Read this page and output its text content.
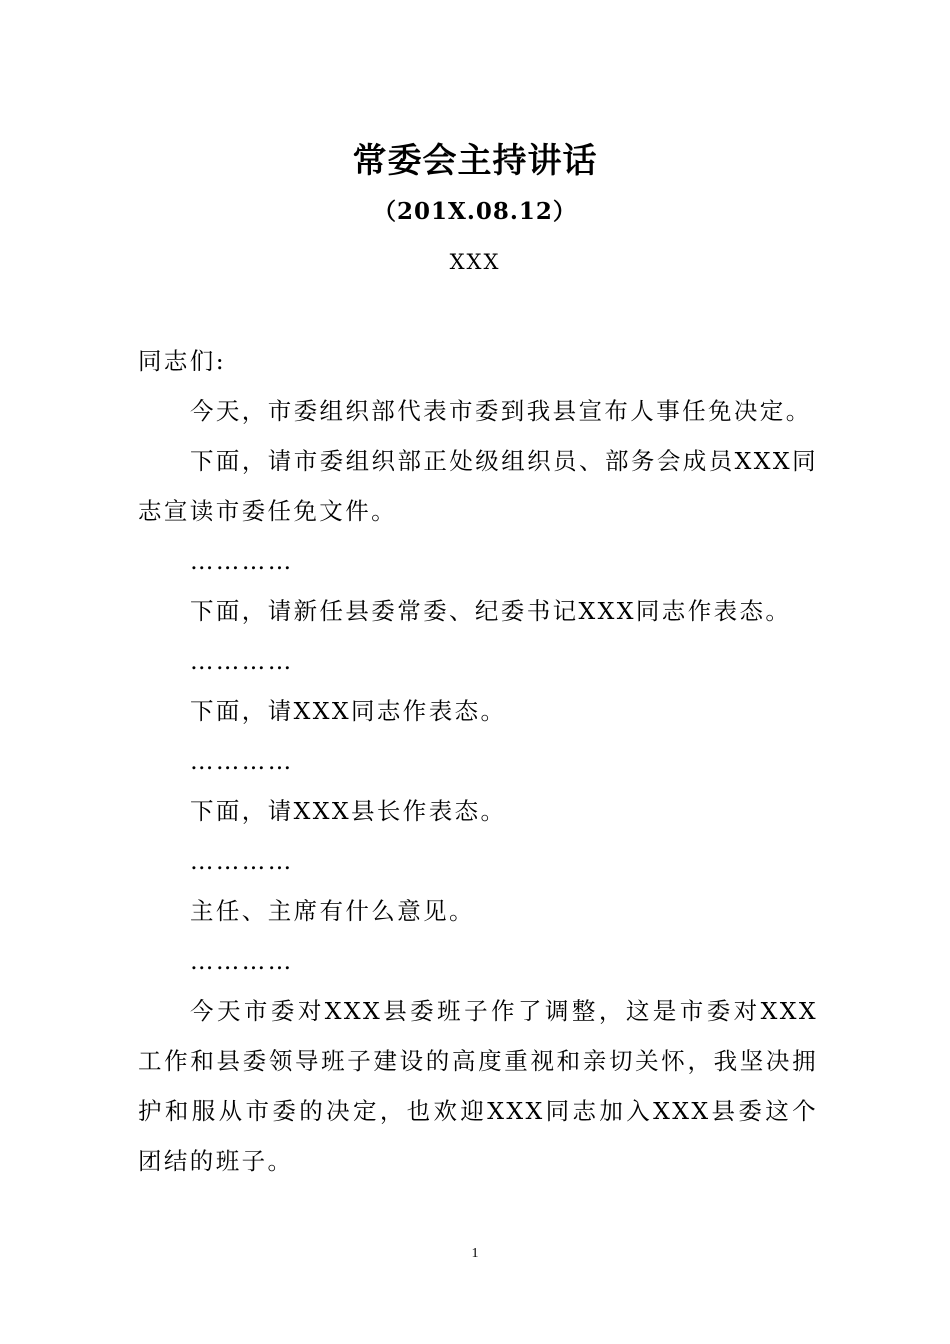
常委会主持讲话
（201X.08.12）
XXX

同志们:

今天，市委组织部代表市委到我县宣布人事任免决定。

下面，请市委组织部正处级组织员、部务会成员XXX同志宣读市委任免文件。

…………

下面，请新任县委常委、纪委书记XXX同志作表态。

…………

下面，请XXX同志作表态。

…………

下面，请XXX县长作表态。

…………

主任、主席有什么意见。

…………

今天市委对XXX县委班子作了调整，这是市委对XXX工作和县委领导班子建设的高度重视和亲切关怀，我坚决拥护和服从市委的决定，也欢迎XXX同志加入XXX县委这个团结的班子。

1
